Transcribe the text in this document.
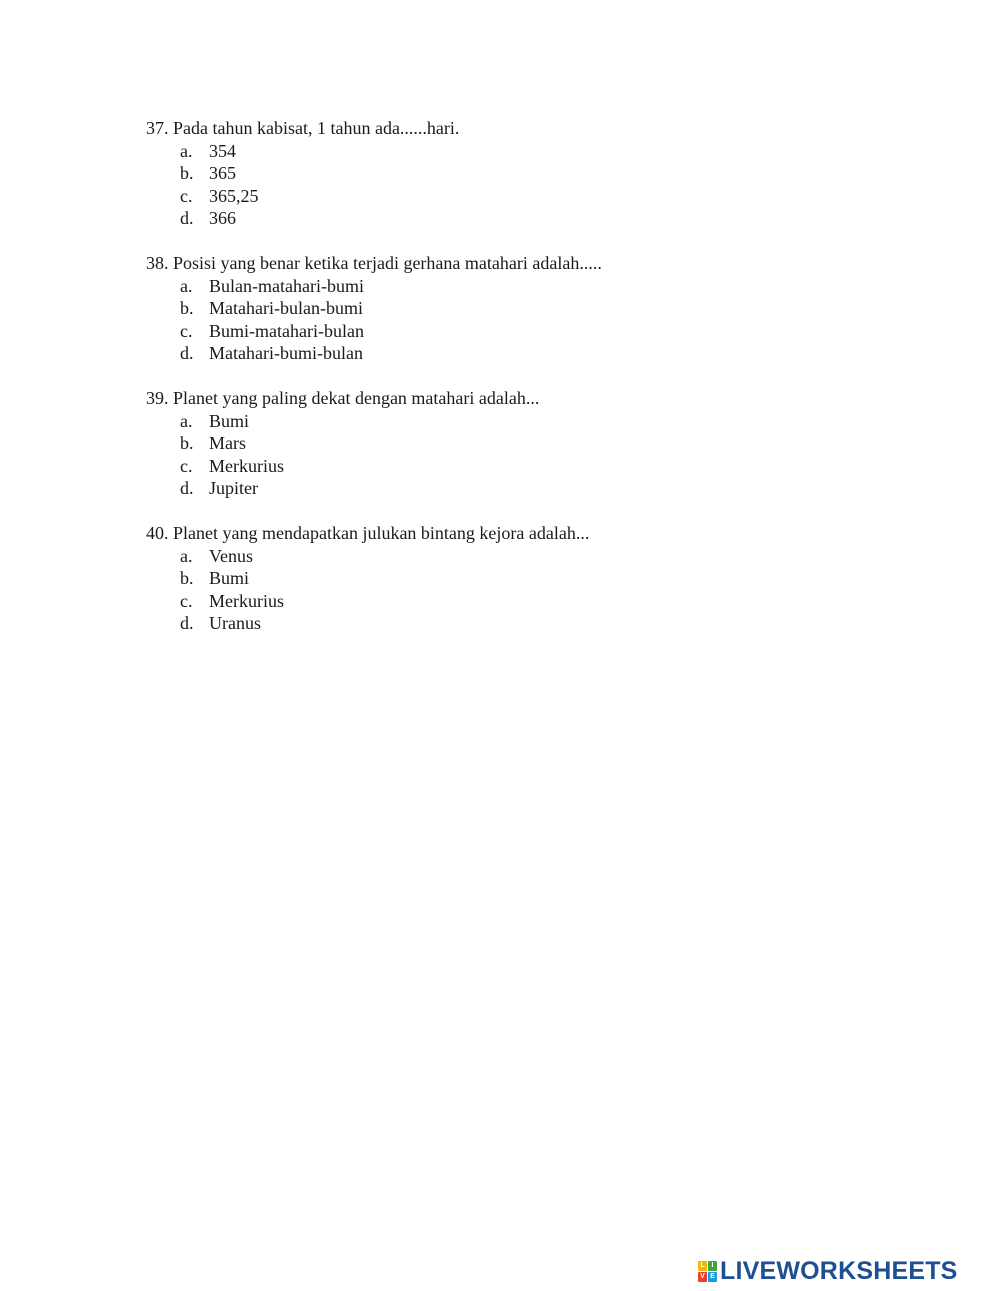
37. Pada tahun kabisat, 1 tahun ada......hari.
a. 354
b. 365
c. 365,25
d. 366
38. Posisi yang benar ketika terjadi gerhana matahari adalah.....
a. Bulan-matahari-bumi
b. Matahari-bulan-bumi
c. Bumi-matahari-bulan
d. Matahari-bumi-bulan
39. Planet yang paling dekat dengan matahari adalah...
a. Bumi
b. Mars
c. Merkurius
d. Jupiter
40. Planet yang mendapatkan julukan bintang kejora adalah...
a. Venus
b. Bumi
c. Merkurius
d. Uranus
L I
V E LIVEWORKSHEETS
